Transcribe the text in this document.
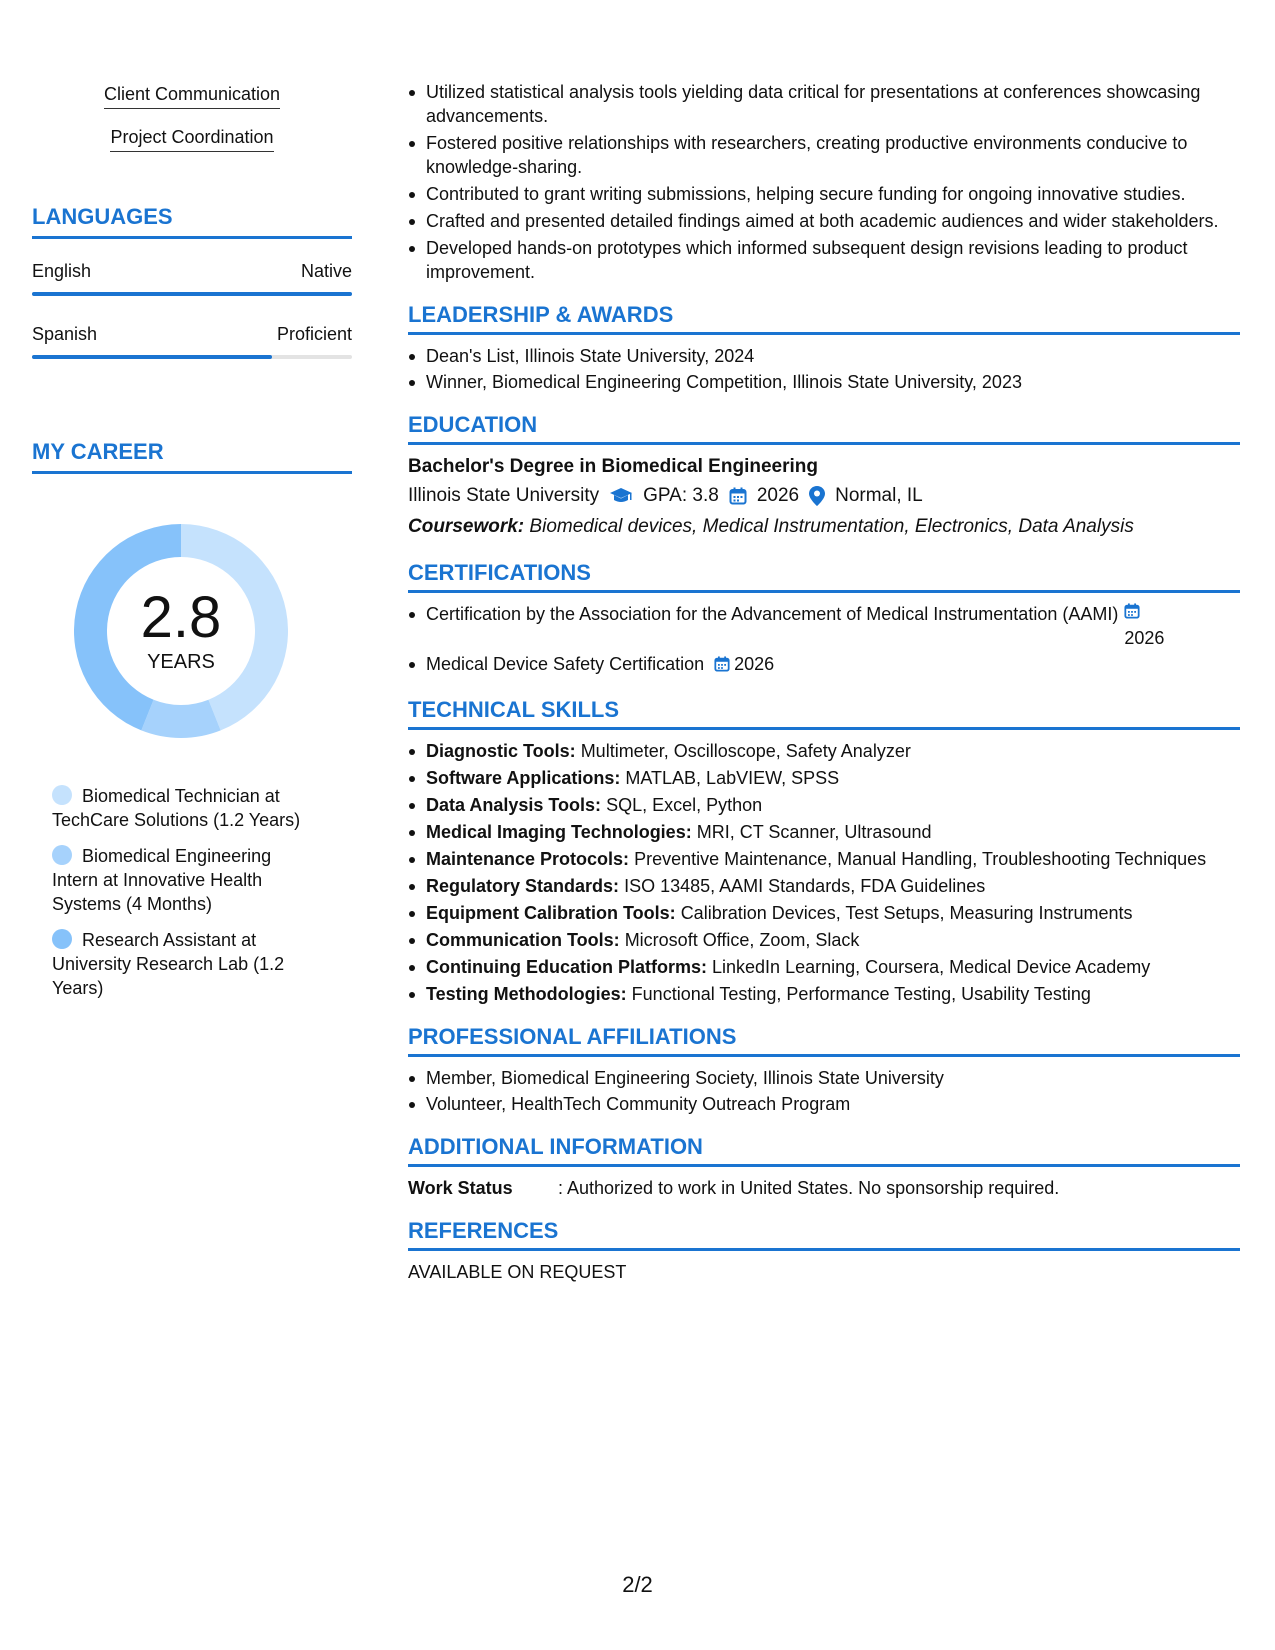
Client Communication
Project Coordination
LANGUAGES
English	Native
Spanish	Proficient
MY CAREER
2.8
YEARS
Biomedical Technician at TechCare Solutions (1.2 Years)
Biomedical Engineering Intern at Innovative Health Systems (4 Months)
Research Assistant at University Research Lab (1.2 Years)
Utilized statistical analysis tools yielding data critical for presentations at conferences showcasing advancements.
Fostered positive relationships with researchers, creating productive environments conducive to knowledge-sharing.
Contributed to grant writing submissions, helping secure funding for ongoing innovative studies.
Crafted and presented detailed findings aimed at both academic audiences and wider stakeholders.
Developed hands-on prototypes which informed subsequent design revisions leading to product improvement.
LEADERSHIP & AWARDS
Dean's List, Illinois State University, 2024
Winner, Biomedical Engineering Competition, Illinois State University, 2023
EDUCATION
Bachelor's Degree in Biomedical Engineering
Illinois State University GPA: 3.8 2026 Normal, IL
Coursework: Biomedical devices, Medical Instrumentation, Electronics, Data Analysis
CERTIFICATIONS
Certification by the Association for the Advancement of Medical Instrumentation (AAMI)
2026
Medical Device Safety Certification 2026
TECHNICAL SKILLS
Diagnostic Tools: Multimeter, Oscilloscope, Safety Analyzer
Software Applications: MATLAB, LabVIEW, SPSS
Data Analysis Tools: SQL, Excel, Python
Medical Imaging Technologies: MRI, CT Scanner, Ultrasound
Maintenance Protocols: Preventive Maintenance, Manual Handling, Troubleshooting Techniques
Regulatory Standards: ISO 13485, AAMI Standards, FDA Guidelines
Equipment Calibration Tools: Calibration Devices, Test Setups, Measuring Instruments
Communication Tools: Microsoft Office, Zoom, Slack
Continuing Education Platforms: LinkedIn Learning, Coursera, Medical Device Academy
Testing Methodologies: Functional Testing, Performance Testing, Usability Testing
PROFESSIONAL AFFILIATIONS
Member, Biomedical Engineering Society, Illinois State University
Volunteer, HealthTech Community Outreach Program
ADDITIONAL INFORMATION
Work Status	: Authorized to work in United States. No sponsorship required.
REFERENCES
AVAILABLE ON REQUEST
2/2
